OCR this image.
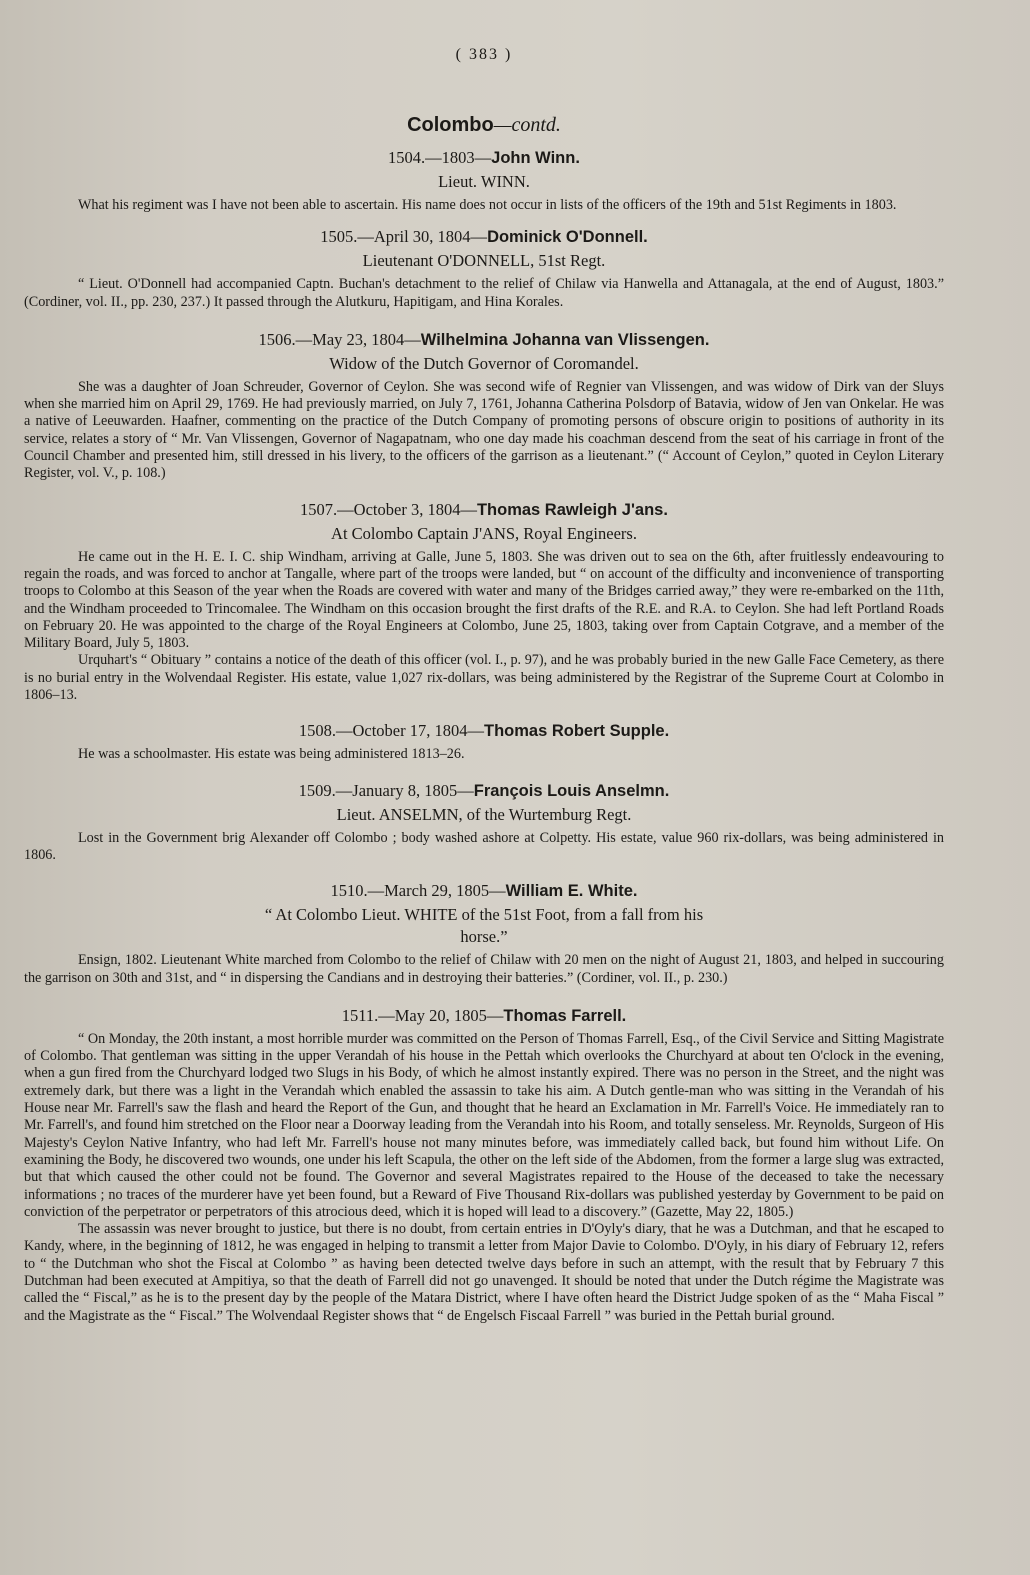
( 383 )
Colombo—contd.

1504.—1803—John Winn.

Lieut. WINN.

What his regiment was I have not been able to ascertain. His name does not occur in lists of the officers of the 19th and 51st Regiments in 1803.

1505.—April 30, 1804—Dominick O'Donnell.

Lieutenant O'DONNELL, 51st Regt.

“ Lieut. O'Donnell had accompanied Captn. Buchan's detachment to the relief of Chilaw via Hanwella and Attanagala, at the end of August, 1803.” (Cordiner, vol. II., pp. 230, 237.) It passed through the Alutkuru, Hapitigam, and Hina Korales.

1506.—May 23, 1804—Wilhelmina Johanna van Vlissengen.

Widow of the Dutch Governor of Coromandel.

She was a daughter of Joan Schreuder, Governor of Ceylon. She was second wife of Regnier van Vlissengen, and was widow of Dirk van der Sluys when she married him on April 29, 1769. He had previously married, on July 7, 1761, Johanna Catherina Polsdorp of Batavia, widow of Jen van Onkelar. He was a native of Leeuwarden. Haafner, commenting on the practice of the Dutch Company of promoting persons of obscure origin to positions of authority in its service, relates a story of “ Mr. Van Vlissengen, Governor of Nagapatnam, who one day made his coachman descend from the seat of his carriage in front of the Council Chamber and presented him, still dressed in his livery, to the officers of the garrison as a lieutenant.” (“ Account of Ceylon,” quoted in Ceylon Literary Register, vol. V., p. 108.)

1507.—October 3, 1804—Thomas Rawleigh J'ans.

At Colombo Captain J'ANS, Royal Engineers.

He came out in the H. E. I. C. ship Windham, arriving at Galle, June 5, 1803. She was driven out to sea on the 6th, after fruitlessly endeavouring to regain the roads, and was forced to anchor at Tangalle, where part of the troops were landed, but “ on account of the difficulty and inconvenience of transporting troops to Colombo at this Season of the year when the Roads are covered with water and many of the Bridges carried away,” they were re-embarked on the 11th, and the Windham proceeded to Trincomalee. The Windham on this occasion brought the first drafts of the R.E. and R.A. to Ceylon. She had left Portland Roads on February 20. He was appointed to the charge of the Royal Engineers at Colombo, June 25, 1803, taking over from Captain Cotgrave, and a member of the Military Board, July 5, 1803.

Urquhart's “ Obituary ” contains a notice of the death of this officer (vol. I., p. 97), and he was probably buried in the new Galle Face Cemetery, as there is no burial entry in the Wolvendaal Register. His estate, value 1,027 rix-dollars, was being administered by the Registrar of the Supreme Court at Colombo in 1806–13.

1508.—October 17, 1804—Thomas Robert Supple.

He was a schoolmaster. His estate was being administered 1813–26.

1509.—January 8, 1805—François Louis Anselmn.

Lieut. ANSELMN, of the Wurtemburg Regt.

Lost in the Government brig Alexander off Colombo ; body washed ashore at Colpetty. His estate, value 960 rix-dollars, was being administered in 1806.

1510.—March 29, 1805—William E. White.

“ At Colombo Lieut. WHITE of the 51st Foot, from a fall from his horse.”

Ensign, 1802. Lieutenant White marched from Colombo to the relief of Chilaw with 20 men on the night of August 21, 1803, and helped in succouring the garrison on 30th and 31st, and “ in dispersing the Candians and in destroying their batteries.” (Cordiner, vol. II., p. 230.)

1511.—May 20, 1805—Thomas Farrell.

“ On Monday, the 20th instant, a most horrible murder was committed on the Person of Thomas Farrell, Esq., of the Civil Service and Sitting Magistrate of Colombo. That gentleman was sitting in the upper Verandah of his house in the Pettah which overlooks the Churchyard at about ten O'clock in the evening, when a gun fired from the Churchyard lodged two Slugs in his Body, of which he almost instantly expired. There was no person in the Street, and the night was extremely dark, but there was a light in the Verandah which enabled the assassin to take his aim. A Dutch gentle-man who was sitting in the Verandah of his House near Mr. Farrell's saw the flash and heard the Report of the Gun, and thought that he heard an Exclamation in Mr. Farrell's Voice. He immediately ran to Mr. Farrell's, and found him stretched on the Floor near a Doorway leading from the Verandah into his Room, and totally senseless. Mr. Reynolds, Surgeon of His Majesty's Ceylon Native Infantry, who had left Mr. Farrell's house not many minutes before, was immediately called back, but found him without Life. On examining the Body, he discovered two wounds, one under his left Scapula, the other on the left side of the Abdomen, from the former a large slug was extracted, but that which caused the other could not be found. The Governor and several Magistrates repaired to the House of the deceased to take the necessary informations ; no traces of the murderer have yet been found, but a Reward of Five Thousand Rix-dollars was published yesterday by Government to be paid on conviction of the perpetrator or perpetrators of this atrocious deed, which it is hoped will lead to a discovery.” (Gazette, May 22, 1805.)

The assassin was never brought to justice, but there is no doubt, from certain entries in D'Oyly's diary, that he was a Dutchman, and that he escaped to Kandy, where, in the beginning of 1812, he was engaged in helping to transmit a letter from Major Davie to Colombo. D'Oyly, in his diary of February 12, refers to “ the Dutchman who shot the Fiscal at Colombo ” as having been detected twelve days before in such an attempt, with the result that by February 7 this Dutchman had been executed at Ampitiya, so that the death of Farrell did not go unavenged. It should be noted that under the Dutch régime the Magistrate was called the “ Fiscal,” as he is to the present day by the people of the Matara District, where I have often heard the District Judge spoken of as the “ Maha Fiscal ” and the Magistrate as the “ Fiscal.” The Wolvendaal Register shows that “ de Engelsch Fiscaal Farrell ” was buried in the Pettah burial ground.
